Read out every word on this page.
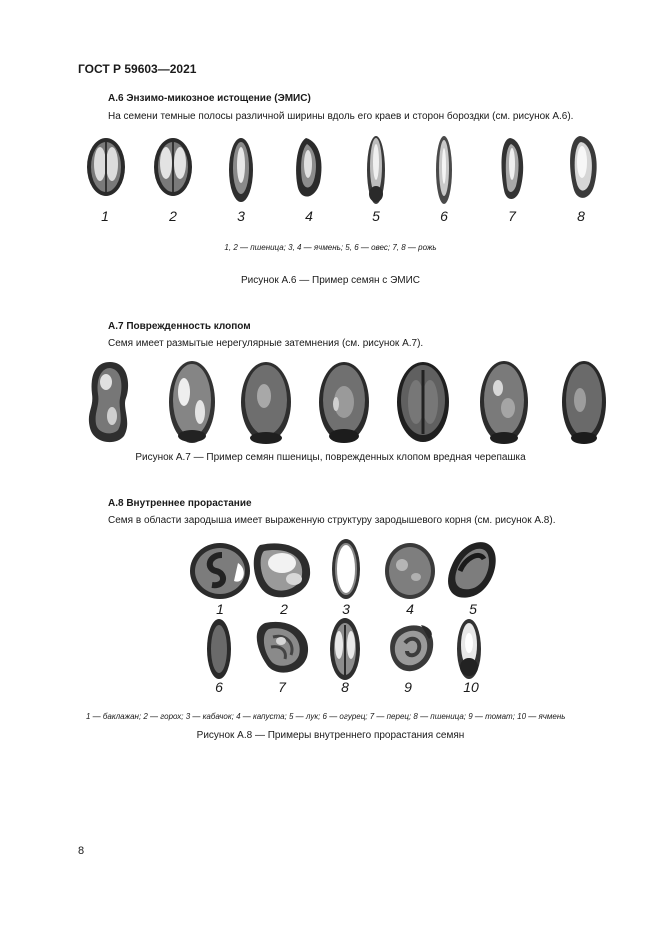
ГОСТ Р 59603—2021
А.6 Энзимо-микозное истощение (ЭМИС)
На семени темные полосы различной ширины вдоль его краев и сторон бороздки (см. рисунок А.6).
1	2	3	4	5	6	7	8
1, 2 — пшеница; 3, 4 — ячмень; 5, 6 — овес; 7, 8 — рожь
Рисунок А.6 — Пример семян с ЭМИС
А.7 Поврежденность клопом
Семя имеет размытые нерегулярные затемнения (см. рисунок А.7).
Рисунок А.7 — Пример семян пшеницы, поврежденных клопом вредная черепашка
А.8 Внутреннее прорастание
Семя в области зародыша имеет выраженную структуру зародышевого корня (см. рисунок А.8).
1	2	3	4	5
6	7	8	9	10
1 — баклажан; 2 — горох; 3 — кабачок; 4 — капуста; 5 — лук; 6 — огурец; 7 — перец; 8 — пшеница; 9 — томат; 10 — ячмень
Рисунок А.8 — Примеры внутреннего прорастания семян
8
